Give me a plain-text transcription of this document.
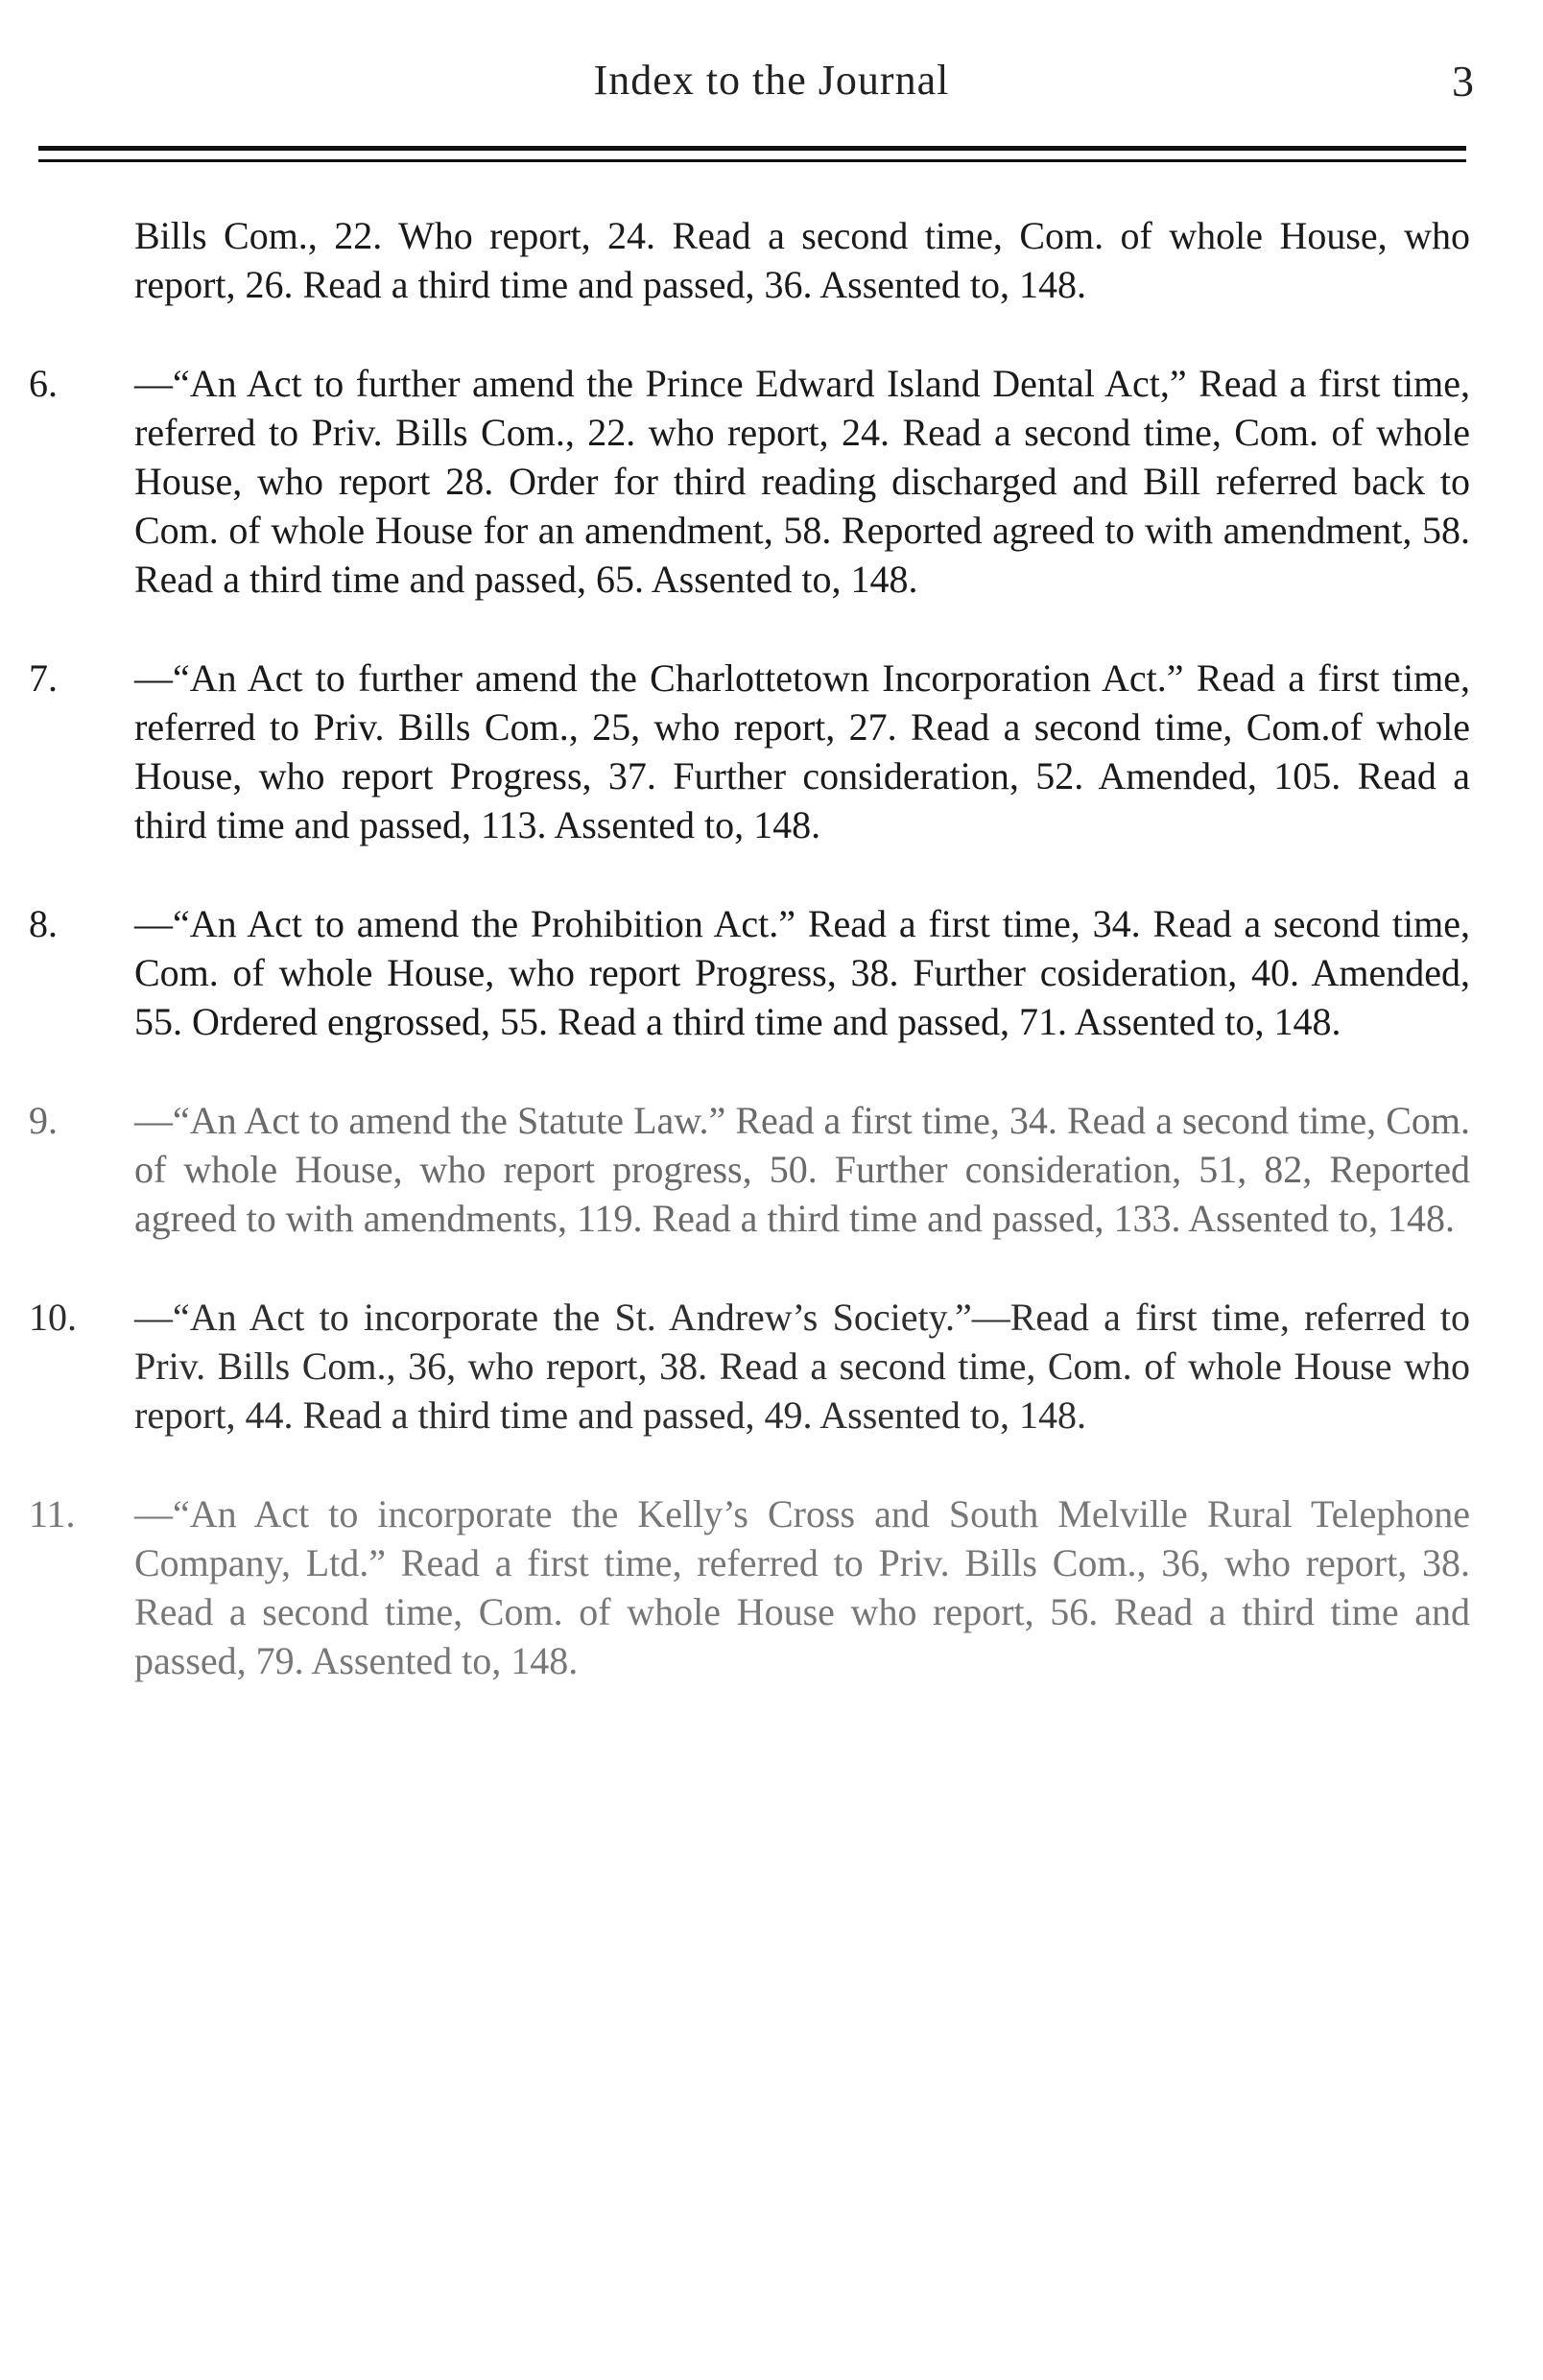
Index to the Journal	3

Bills Com., 22. Who report, 24. Read a second time, Com. of whole House, who report, 26. Read a third time and passed, 36. Assented to, 148.

6.	—“An Act to further amend the Prince Edward Island Dental Act,” Read a first time, referred to Priv. Bills Com., 22. who report, 24. Read a second time, Com. of whole House, who report 28. Order for third reading discharged and Bill referred back to Com. of whole House for an amendment, 58. Reported agreed to with amendment, 58. Read a third time and passed, 65. Assented to, 148.

7.	—“An Act to further amend the Charlottetown Incorporation Act.” Read a first time, referred to Priv. Bills Com., 25, who report, 27. Read a second time, Com.of whole House, who report Progress, 37. Further consideration, 52. Amended, 105. Read a third time and passed, 113. Assented to, 148.

8.	—“An Act to amend the Prohibition Act.” Read a first time, 34. Read a second time, Com. of whole House, who report Progress, 38. Further cosideration, 40. Amended, 55. Ordered engrossed, 55. Read a third time and passed, 71. Assented to, 148.

9.	—“An Act to amend the Statute Law.” Read a first time, 34. Read a second time, Com. of whole House, who report progress, 50. Further consideration, 51, 82, Reported agreed to with amendments, 119. Read a third time and passed, 133. Assented to, 148.

10.	—“An Act to incorporate the St. Andrew’s Society.”—Read a first time, referred to Priv. Bills Com., 36, who report, 38. Read a second time, Com. of whole House who report, 44. Read a third time and passed, 49. Assented to, 148.

11.	—“An Act to incorporate the Kelly’s Cross and South Melville Rural Telephone Company, Ltd.” Read a first time, referred to Priv. Bills Com., 36, who report, 38. Read a second time, Com. of whole House who report, 56. Read a third time and passed, 79. Assented to, 148.
